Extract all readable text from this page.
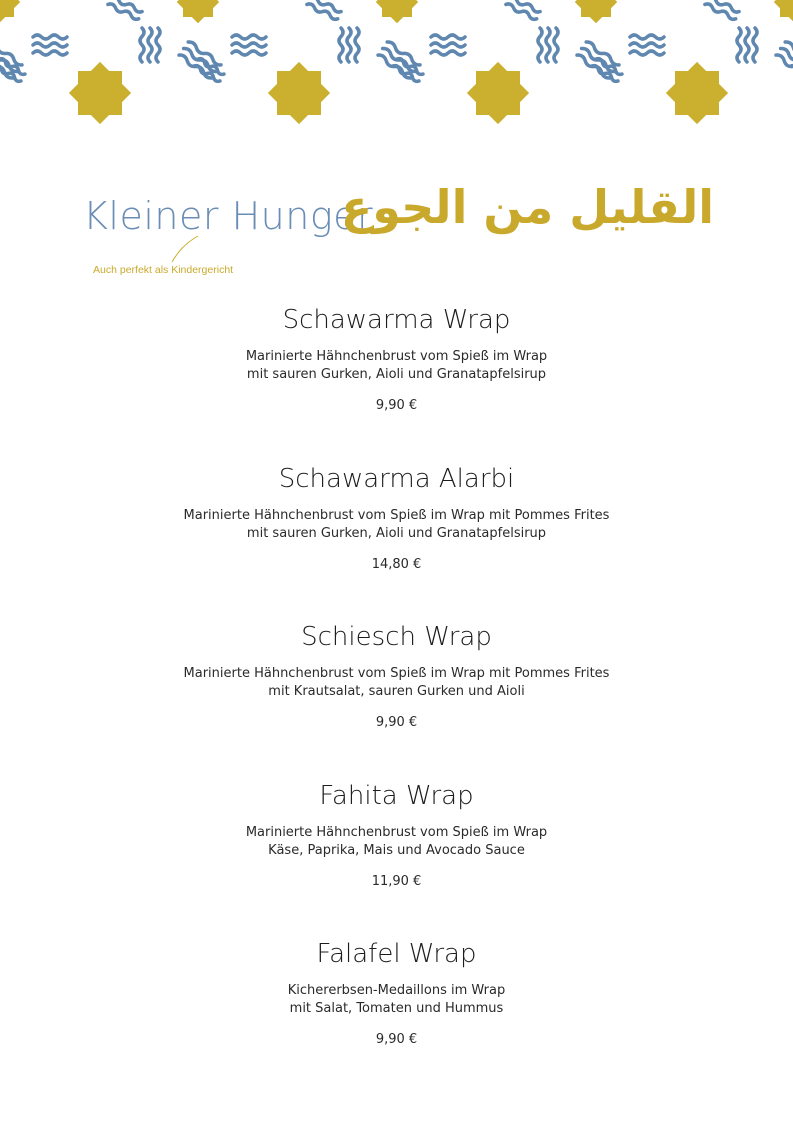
Kleiner Hunger
القليل من الجوع
Auch perfekt als Kindergericht
Schawarma Wrap
Marinierte Hähnchenbrust vom Spieß im Wrap
mit sauren Gurken, Aioli und Granatapfelsirup
9,90 €
Schawarma Alarbi
Marinierte Hähnchenbrust vom Spieß im Wrap mit Pommes Frites
mit sauren Gurken, Aioli und Granatapfelsirup
14,80 €
Schiesch Wrap
Marinierte Hähnchenbrust vom Spieß im Wrap mit Pommes Frites
mit Krautsalat, sauren Gurken und Aioli
9,90 €
Fahita Wrap
Marinierte Hähnchenbrust vom Spieß im Wrap
Käse, Paprika, Mais und Avocado Sauce
11,90 €
Falafel Wrap
Kichererbsen-Medaillons im Wrap
mit Salat, Tomaten und Hummus
9,90 €
